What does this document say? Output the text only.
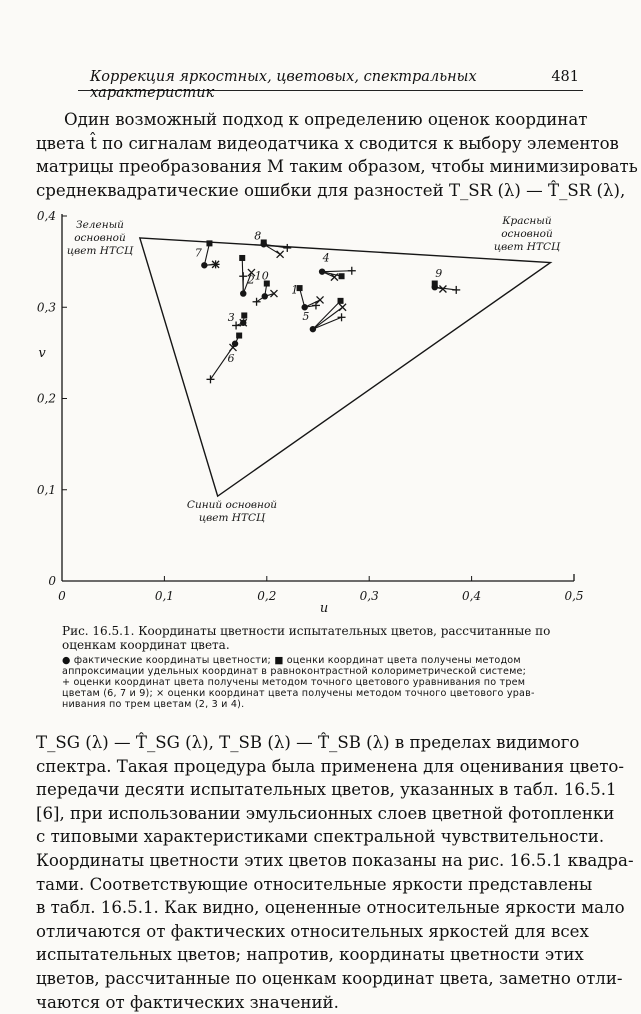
Коррекция яркостных, цветовых, спектральных характеристик
481
Один возможный подход к определению оценок координат
цвета t̂ по сигналам видеодатчика x сводится к выбору элементов
матрицы преобразования M таким образом, чтобы минимизировать
среднеквадратические ошибки для разностей T_SR (λ) — T̂_SR (λ),
0	0,1	0,2	0,3	0,4	0,5
0
0,1
0,2
0,3
0,4
u
v
Зеленый
основной
цвет НТСЦ
Красный
основной
цвет НТСЦ
Синий основной
цвет НТСЦ
1
2
3
4
5
6
7
8
9
10
Рис. 16.5.1. Координаты цветности испытательных цветов, рассчитанные по
оценкам координат цвета.
● фактические координаты цветности; ■ оценки координат цвета получены методом
аппроксимации удельных координат в равноконтрастной колориметрической системе;
+ оценки координат цвета получены методом точного цветового уравнивания по трем
цветам (6, 7 и 9); × оценки координат цвета получены методом точного цветового урав-
нивания по трем цветам (2, 3 и 4).
T_SG (λ) — T̂_SG (λ), T_SB (λ) — T̂_SB (λ) в пределах видимого
спектра. Такая процедура была применена для оценивания цвето-
передачи десяти испытательных цветов, указанных в табл. 16.5.1
[6], при использовании эмульсионных слоев цветной фотопленки
с типовыми характеристиками спектральной чувствительности.
Координаты цветности этих цветов показаны на рис. 16.5.1 квадра-
тами. Соответствующие относительные яркости представлены
в табл. 16.5.1. Как видно, оцененные относительные яркости мало
отличаются от фактических относительных яркостей для всех
испытательных цветов; напротив, координаты цветности этих
цветов, рассчитанные по оценкам координат цвета, заметно отли-
чаются от фактических значений.
